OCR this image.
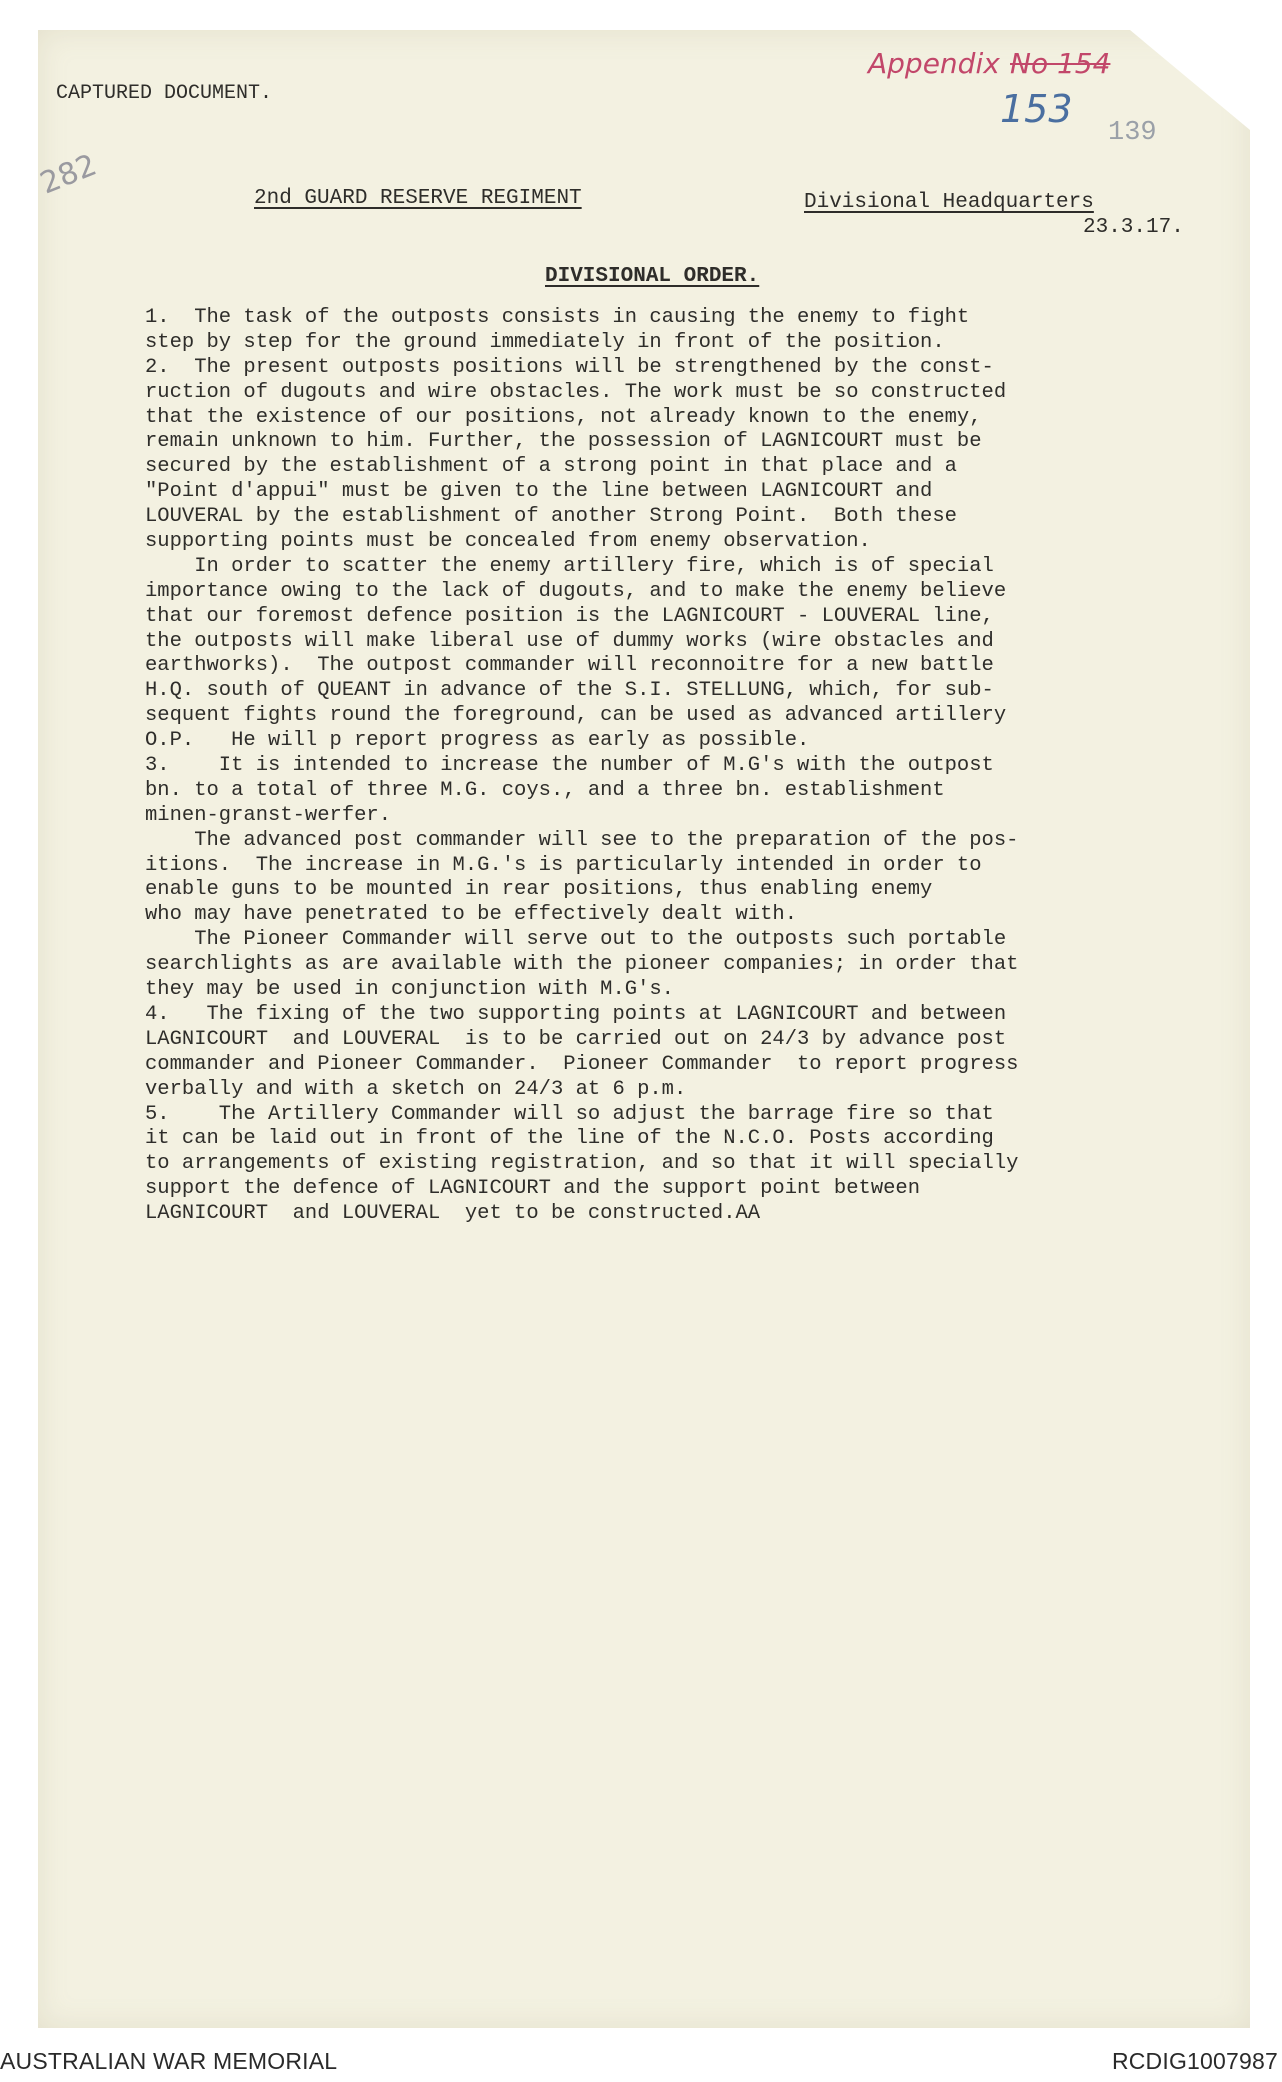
CAPTURED DOCUMENT.
282
Appendix No 154
153
139
2nd GUARD RESERVE REGIMENT	Divisional Headquarters
23.3.17.
DIVISIONAL ORDER.
1.  The task of the outposts consists in causing the enemy to fight
step by step for the ground immediately in front of the position.
2.  The present outposts positions will be strengthened by the const-
ruction of dugouts and wire obstacles. The work must be so constructed
that the existence of our positions, not already known to the enemy,
remain unknown to him. Further, the possession of LAGNICOURT must be
secured by the establishment of a strong point in that place and a
"Point d'appui" must be given to the line between LAGNICOURT and
LOUVERAL by the establishment of another Strong Point.  Both these
supporting points must be concealed from enemy observation.
In order to scatter the enemy artillery fire, which is of special
importance owing to the lack of dugouts, and to make the enemy believe
that our foremost defence position is the LAGNICOURT - LOUVERAL line,
the outposts will make liberal use of dummy works (wire obstacles and
earthworks).  The outpost commander will reconnoitre for a new battle
H.Q. south of QUEANT in advance of the S.I. STELLUNG, which, for sub-
sequent fights round the foreground, can be used as advanced artillery
O.P.   He will p report progress as early as possible.
3.    It is intended to increase the number of M.G's with the outpost
bn. to a total of three M.G. coys., and a three bn. establishment
minen-granst-werfer.
The advanced post commander will see to the preparation of the pos-
itions.  The increase in M.G.'s is particularly intended in order to
enable guns to be mounted in rear positions, thus enabling enemy
who may have penetrated to be effectively dealt with.
The Pioneer Commander will serve out to the outposts such portable
searchlights as are available with the pioneer companies; in order that
they may be used in conjunction with M.G's.
4.   The fixing of the two supporting points at LAGNICOURT and between
LAGNICOURT  and LOUVERAL  is to be carried out on 24/3 by advance post
commander and Pioneer Commander.  Pioneer Commander  to report progress
verbally and with a sketch on 24/3 at 6 p.m.
5.    The Artillery Commander will so adjust the barrage fire so that
it can be laid out in front of the line of the N.C.O. Posts according
to arrangements of existing registration, and so that it will specially
support the defence of LAGNICOURT and the support point between
LAGNICOURT  and LOUVERAL  yet to be constructed.AA
AUSTRALIAN WAR MEMORIAL	RCDIG1007987
